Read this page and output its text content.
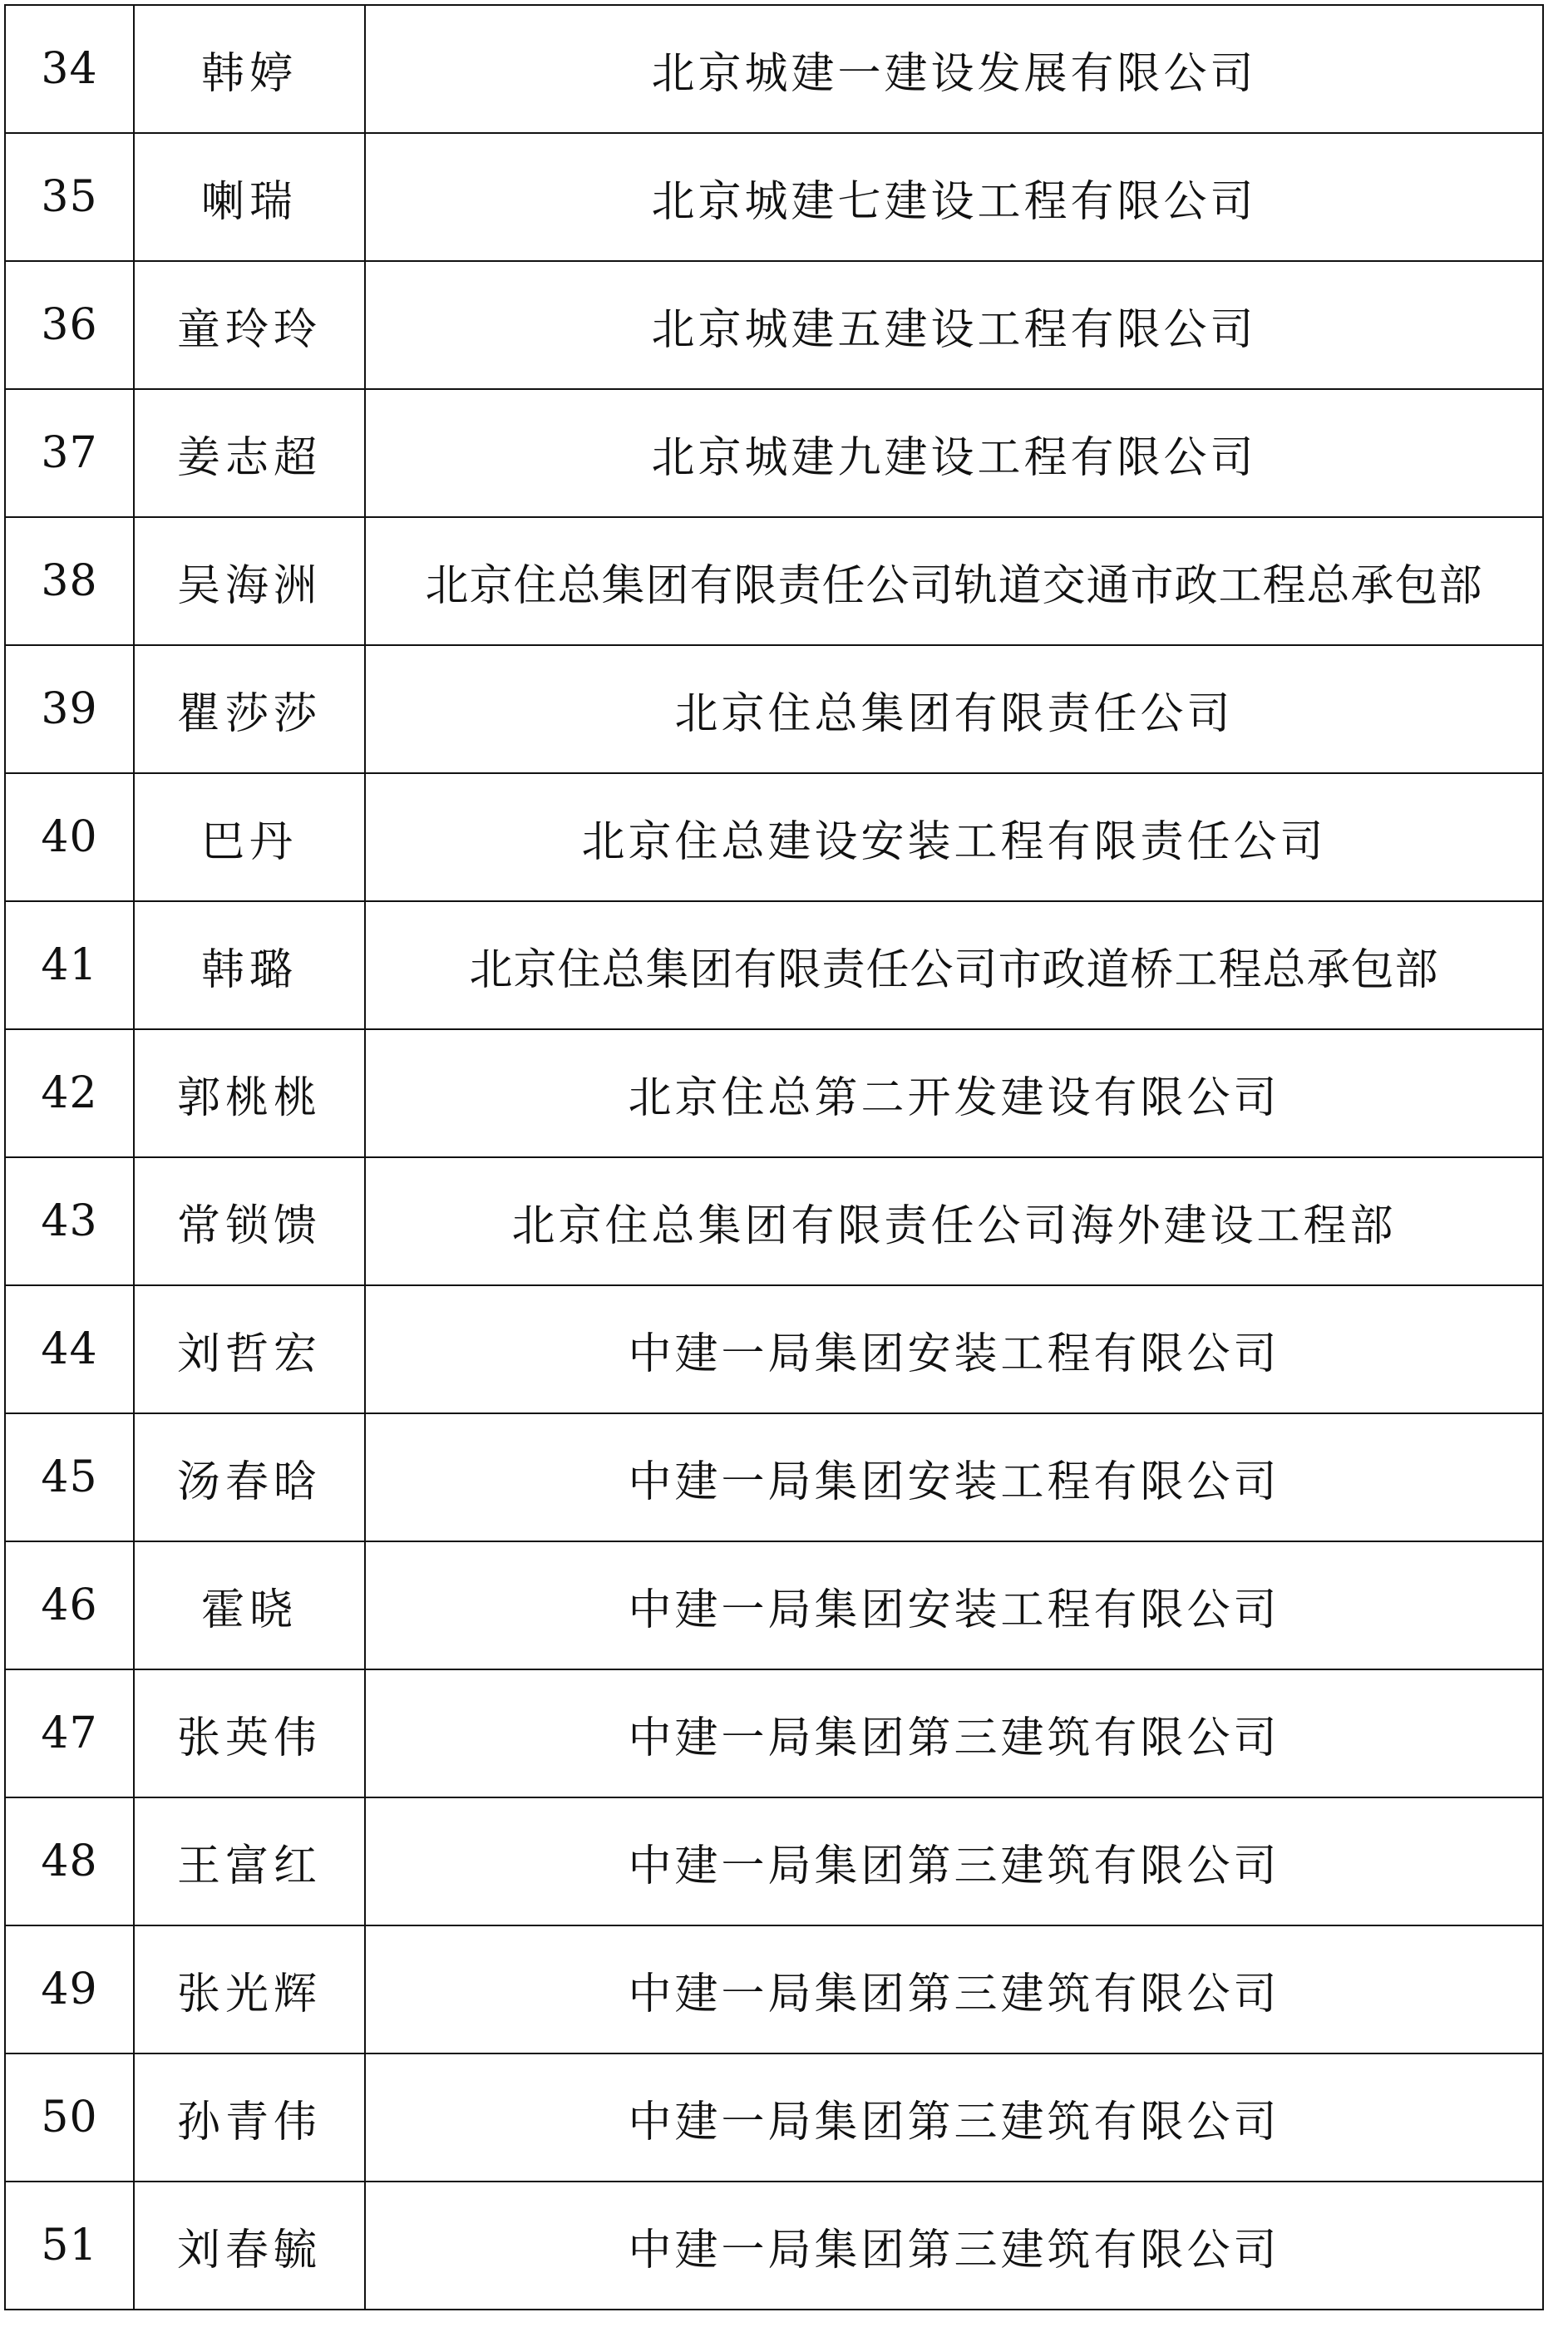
34	韩婷	北京城建一建设发展有限公司
35	喇瑞	北京城建七建设工程有限公司
36	童玲玲	北京城建五建设工程有限公司
37	姜志超	北京城建九建设工程有限公司
38	吴海洲	北京住总集团有限责任公司轨道交通市政工程总承包部
39	瞿莎莎	北京住总集团有限责任公司
40	巴丹	北京住总建设安装工程有限责任公司
41	韩璐	北京住总集团有限责任公司市政道桥工程总承包部
42	郭桃桃	北京住总第二开发建设有限公司
43	常锁馈	北京住总集团有限责任公司海外建设工程部
44	刘哲宏	中建一局集团安装工程有限公司
45	汤春晗	中建一局集团安装工程有限公司
46	霍晓	中建一局集团安装工程有限公司
47	张英伟	中建一局集团第三建筑有限公司
48	王富红	中建一局集团第三建筑有限公司
49	张光辉	中建一局集团第三建筑有限公司
50	孙青伟	中建一局集团第三建筑有限公司
51	刘春毓	中建一局集团第三建筑有限公司
